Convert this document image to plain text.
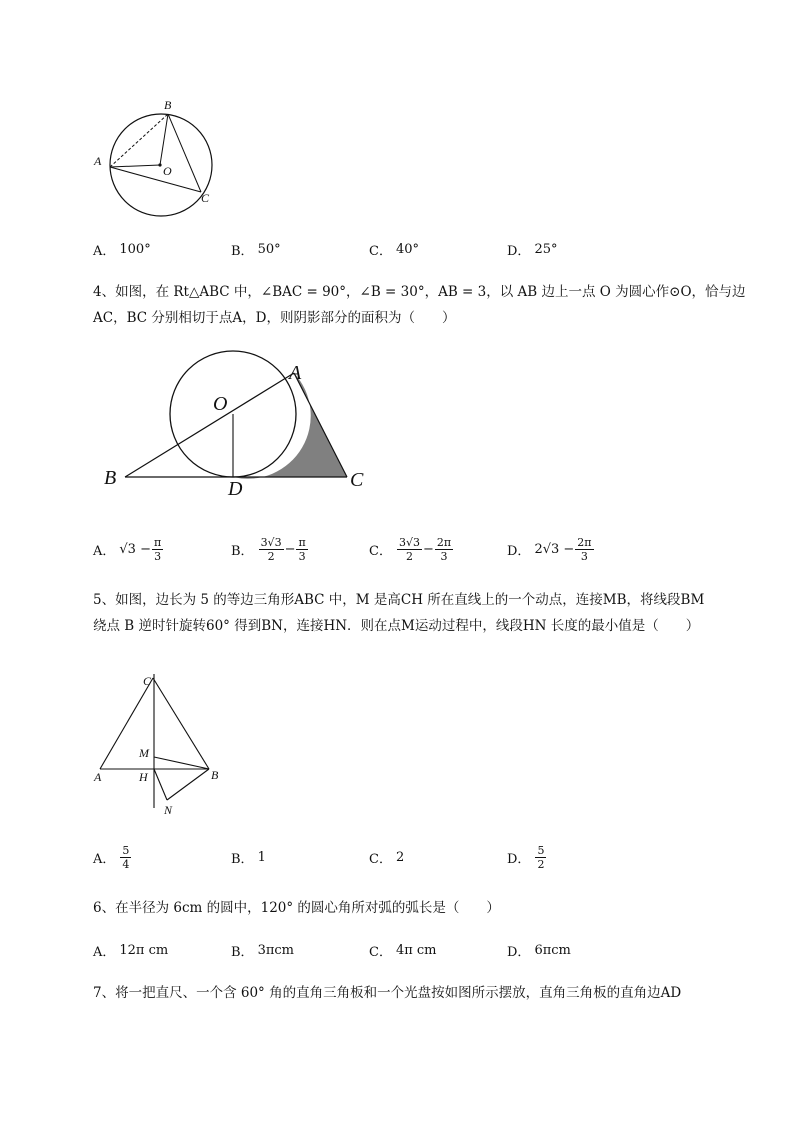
B
A
O
C
A． 100°	B． 50°	C． 40°	D． 25°
4、如图，在 Rt△ABC 中，∠BAC = 90°，∠B = 30°，AB = 3，以 AB 边上一点 O 为圆心作⊙O，恰与边
AC，BC 分别相切于点A，D，则阴影部分的面积为（　　）
A
O
B	D	C
A． $√3 - \frac{\pi}{3}$	B． $\frac{3√3}{2} - \frac{\pi}{3}$	C． $\frac{3√3}{2} - \frac{2\pi}{3}$	D． $2√3 - \frac{2\pi}{3}$
5、如图，边长为 5 的等边三角形ABC 中，M 是高CH 所在直线上的一个动点，连接MB，将线段BM
绕点 B 逆时针旋转60° 得到BN，连接HN．则在点M运动过程中，线段HN 长度的最小值是（　　）
C
M
A	H	B
N
A． $\frac{5}{4}$	B． 1	C． 2	D． $\frac{5}{2}$
6、在半径为 6cm 的圆中，120° 的圆心角所对弧的弧长是（　　）
A． 12π cm	B． 3πcm	C． 4π cm	D． 6πcm
7、将一把直尺、一个含 60° 角的直角三角板和一个光盘按如图所示摆放，直角三角板的直角边AD
